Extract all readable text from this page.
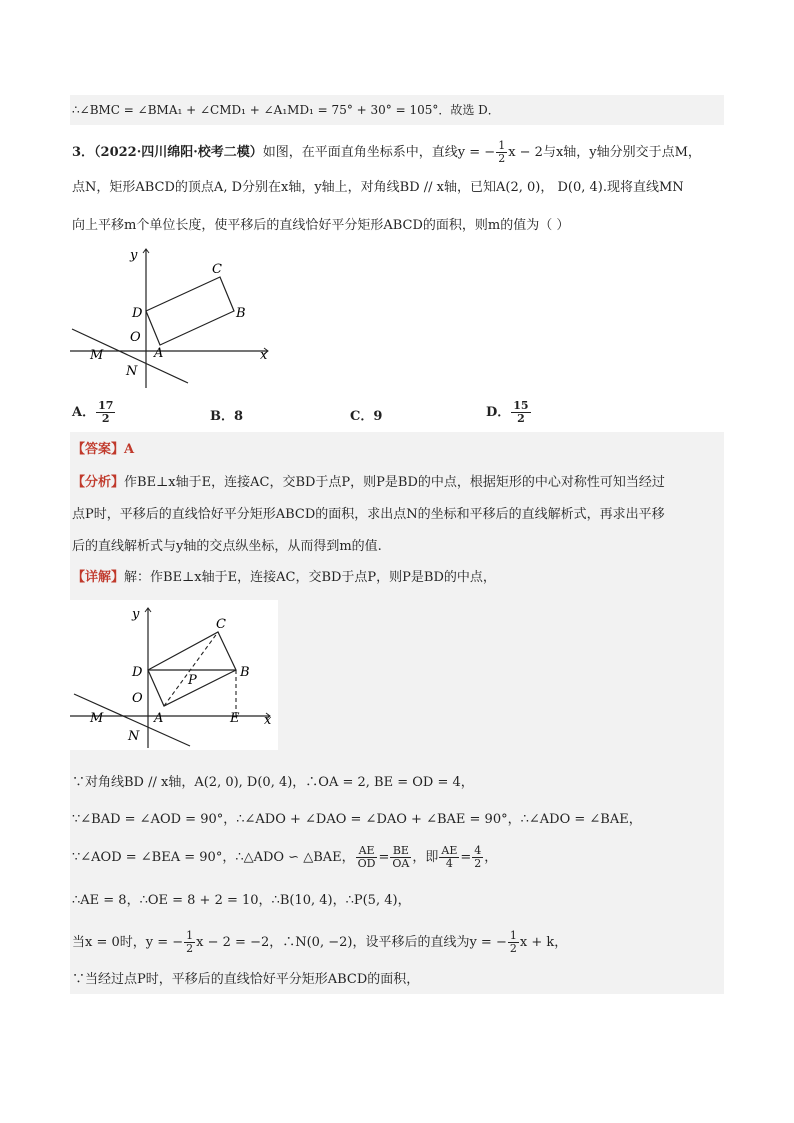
∴∠BMC = ∠BMA₁ + ∠CMD₁ + ∠A₁MD₁ = 75° + 30° = 105°．故选 D．
3．（2022·四川绵阳·校考二模）如图，在平面直角坐标系中，直线y = − $\frac{1}{2}$ x − 2与x轴，y轴分别交于点M，
点N，矩形ABCD的顶点A, D分别在x轴，y轴上，对角线BD // x轴，已知A(2, 0)， D(0, 4).现将直线MN
向上平移m个单位长度，使平移后的直线恰好平分矩形ABCD的面积，则m的值为（ ）
y
x
C
D	B
O
M	A
N
A． $\frac{17}{2}$	B．8	C．9	D． $\frac{15}{2}$
【答案】A
【分析】作BE⊥x轴于E，连接AC，交BD于点P，则P是BD的中点，根据矩形的中心对称性可知当经过
点P时，平移后的直线恰好平分矩形ABCD的面积，求出点N的坐标和平移后的直线解析式，再求出平移
后的直线解析式与y轴的交点纵坐标，从而得到m的值.
【详解】解：作BE⊥x轴于E，连接AC，交BD于点P，则P是BD的中点，
y
x
C
D	B
O
P
M	A	E
N
∵对角线BD // x轴，A(2, 0), D(0, 4)，∴OA = 2, BE = OD = 4，
∵∠BAD = ∠AOD = 90°，∴∠ADO + ∠DAO = ∠DAO + ∠BAE = 90°，∴∠ADO = ∠BAE，
∵∠AOD = ∠BEA = 90°，∴△ADO ∽ △BAE， $\frac{AE}{OD} = \frac{BE}{OA}$ ，即 $\frac{AE}{4} = \frac{4}{2}$ ，
∴AE = 8，∴OE = 8 + 2 = 10，∴B(10, 4)，∴P(5, 4)，
当x = 0时，y = − $\frac{1}{2}$ x − 2 = −2，∴N(0, −2)，设平移后的直线为y = − $\frac{1}{2}$ x + k，
∵当经过点P时，平移后的直线恰好平分矩形ABCD的面积，
